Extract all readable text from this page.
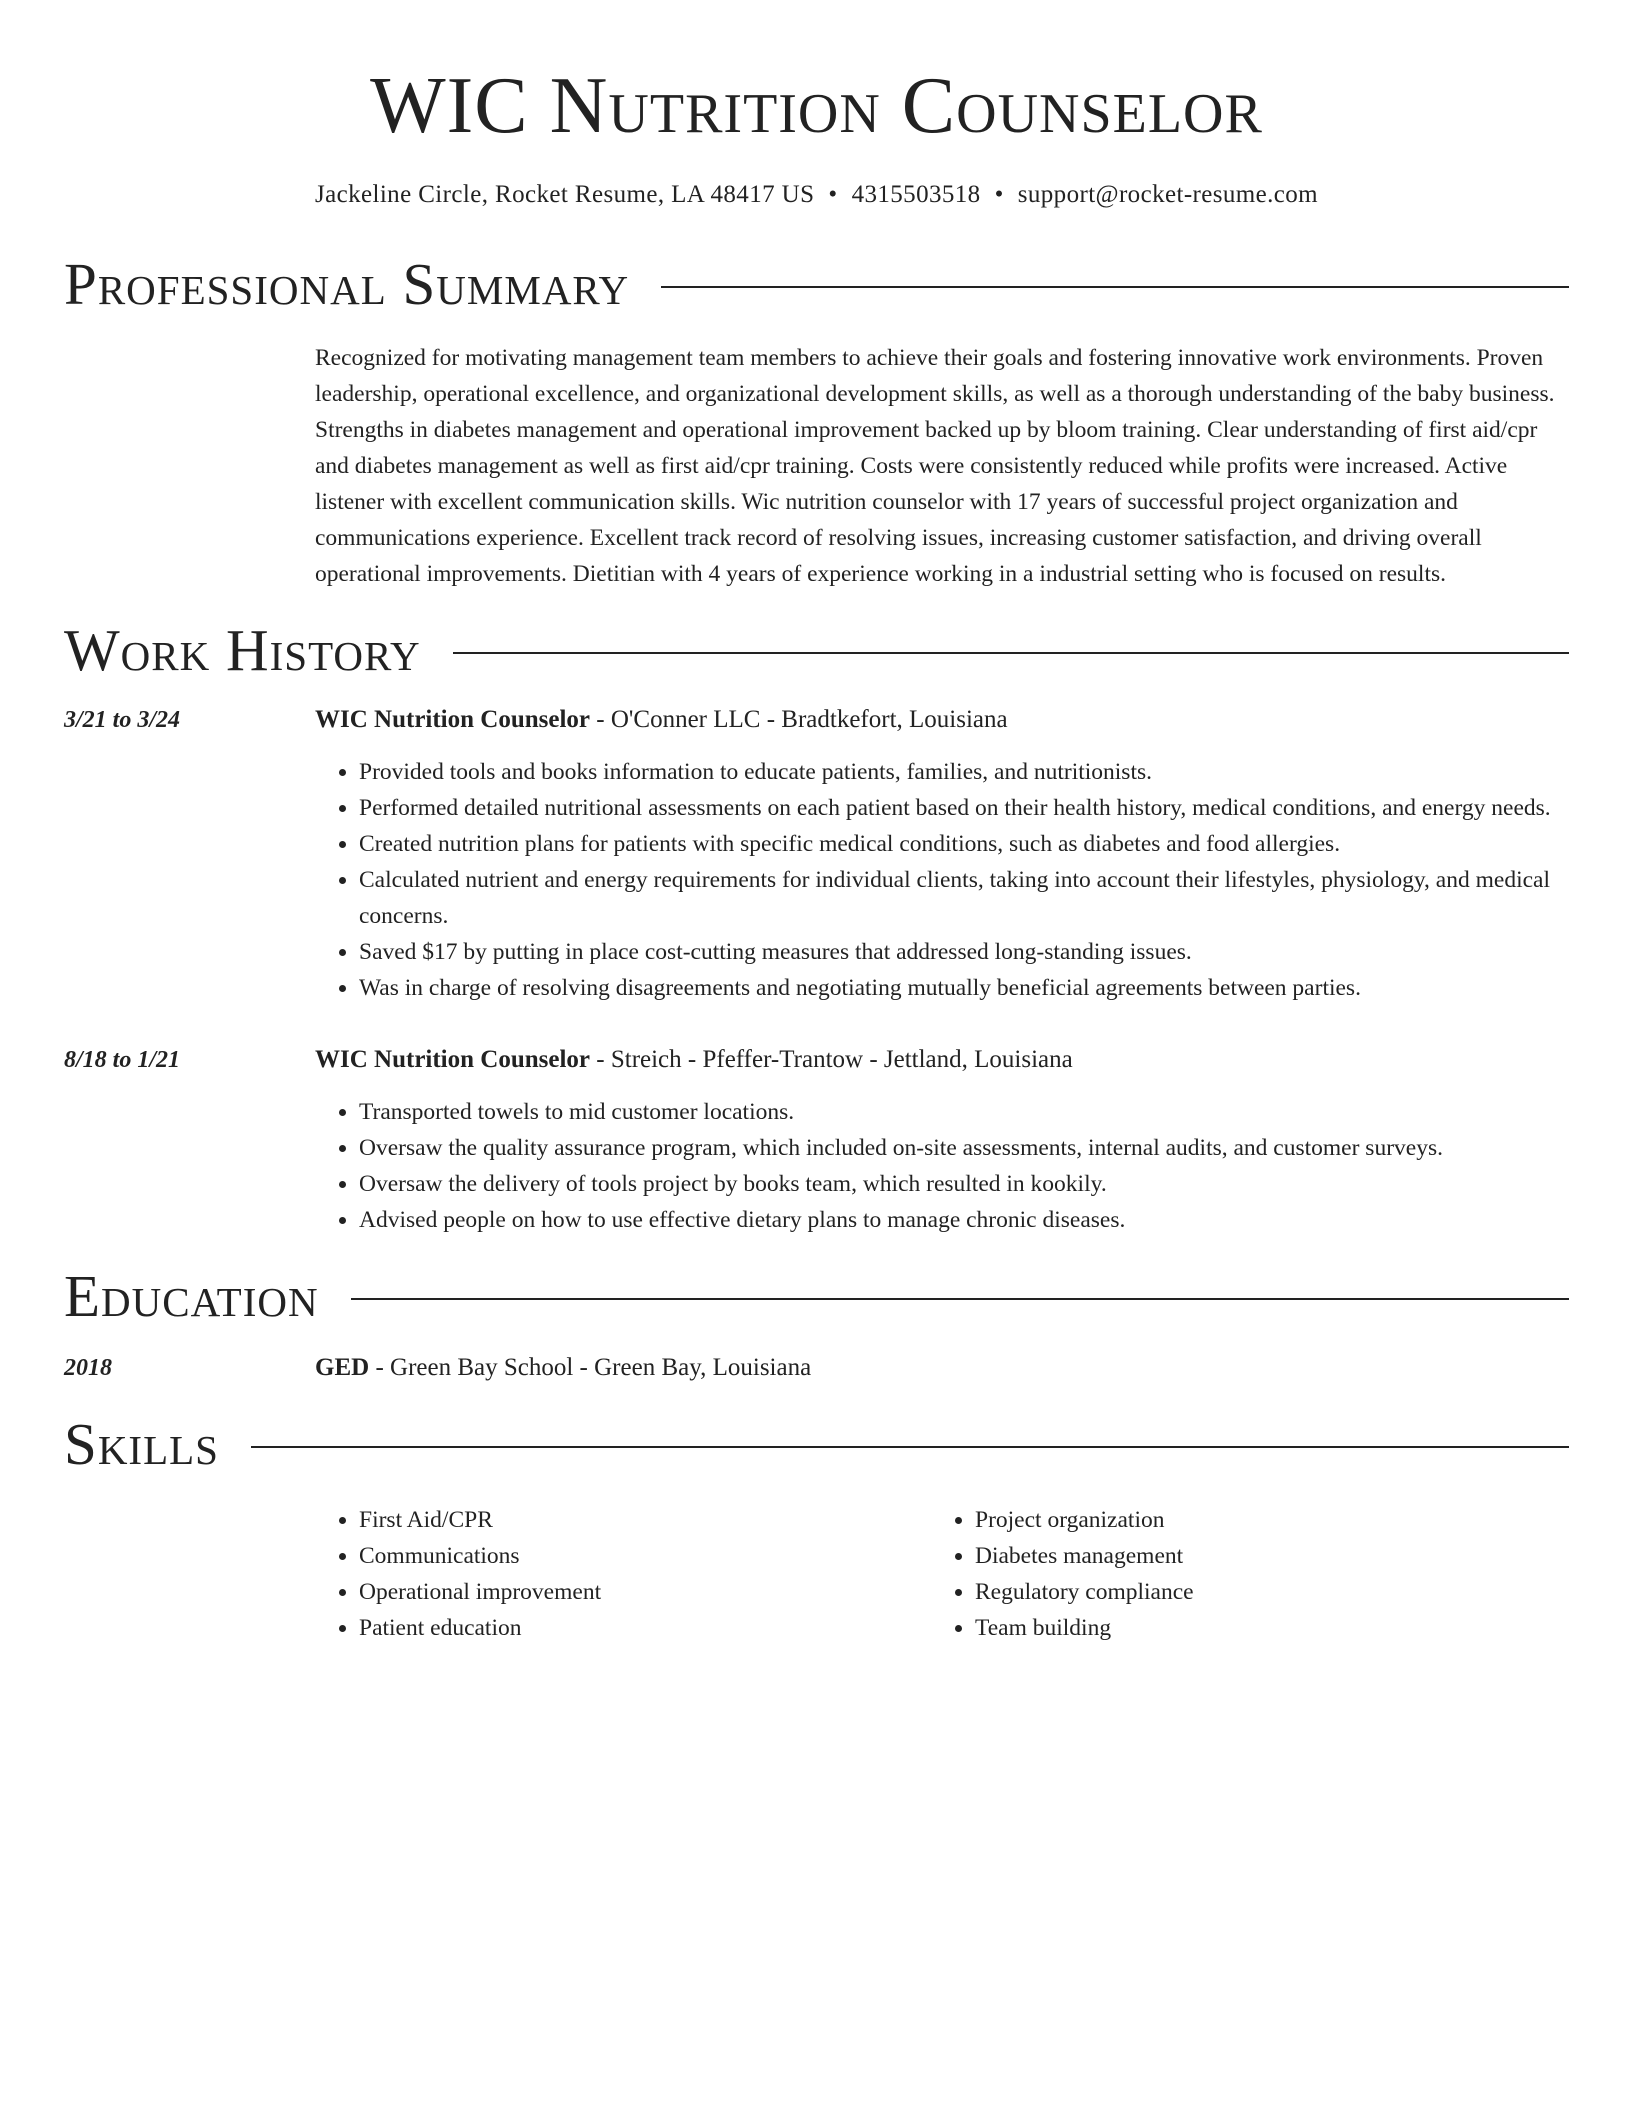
WIC Nutrition Counselor
Jackeline Circle, Rocket Resume, LA 48417 US • 4315503518 • support@rocket-resume.com
Professional Summary
Recognized for motivating management team members to achieve their goals and fostering innovative work environments. Proven leadership, operational excellence, and organizational development skills, as well as a thorough understanding of the baby business. Strengths in diabetes management and operational improvement backed up by bloom training. Clear understanding of first aid/cpr and diabetes management as well as first aid/cpr training. Costs were consistently reduced while profits were increased. Active listener with excellent communication skills. Wic nutrition counselor with 17 years of successful project organization and communications experience. Excellent track record of resolving issues, increasing customer satisfaction, and driving overall operational improvements. Dietitian with 4 years of experience working in a industrial setting who is focused on results.
Work History
3/21 to 3/24	WIC Nutrition Counselor - O'Conner LLC - Bradtkefort, Louisiana
• Provided tools and books information to educate patients, families, and nutritionists.
• Performed detailed nutritional assessments on each patient based on their health history, medical conditions, and energy needs.
• Created nutrition plans for patients with specific medical conditions, such as diabetes and food allergies.
• Calculated nutrient and energy requirements for individual clients, taking into account their lifestyles, physiology, and medical concerns.
• Saved $17 by putting in place cost-cutting measures that addressed long-standing issues.
• Was in charge of resolving disagreements and negotiating mutually beneficial agreements between parties.
8/18 to 1/21	WIC Nutrition Counselor - Streich - Pfeffer-Trantow - Jettland, Louisiana
• Transported towels to mid customer locations.
• Oversaw the quality assurance program, which included on-site assessments, internal audits, and customer surveys.
• Oversaw the delivery of tools project by books team, which resulted in kookily.
• Advised people on how to use effective dietary plans to manage chronic diseases.
Education
2018	GED - Green Bay School - Green Bay, Louisiana
Skills
• First Aid/CPR
• Communications
• Operational improvement
• Patient education
• Project organization
• Diabetes management
• Regulatory compliance
• Team building
